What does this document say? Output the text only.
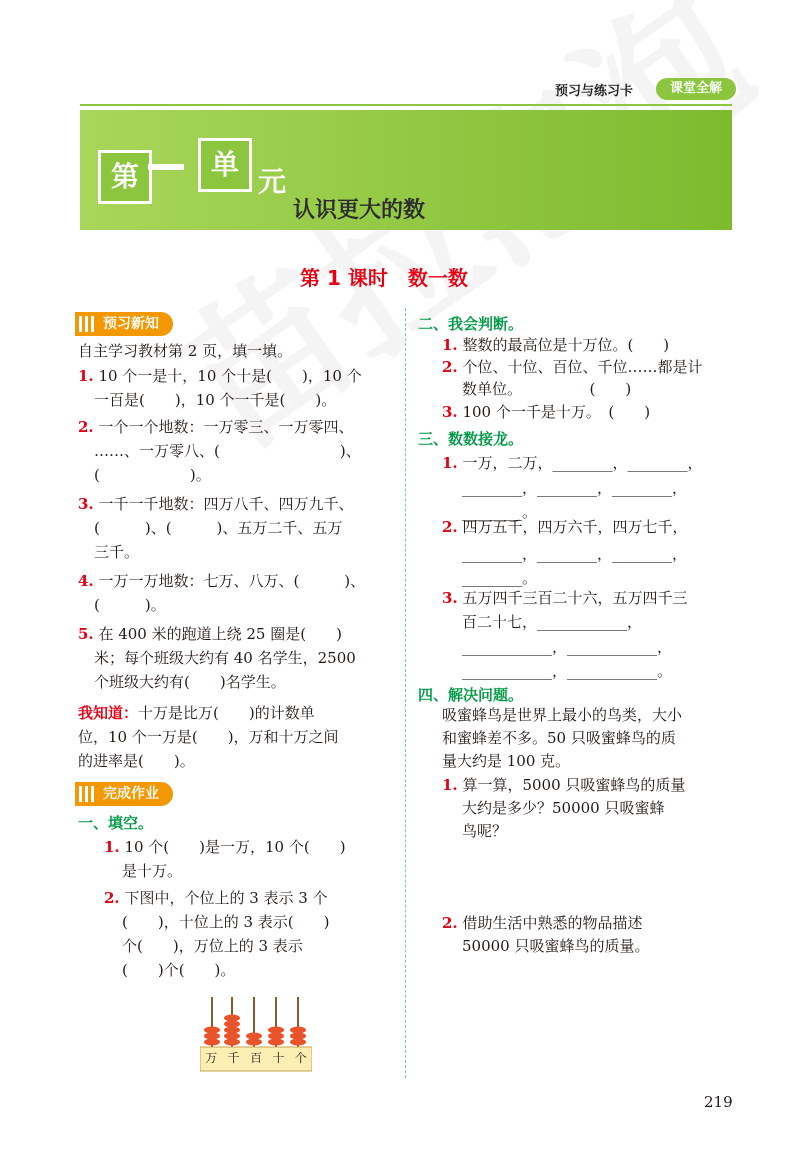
预习与练习卡	课堂全解
第	单
元
认识更大的数
第 1 课时　数一数
预习新知
自主学习教材第 2 页，填一填。
1. 10 个一是十，10 个十是(　　)，10 个
一百是(　　)，10 个一千是(　　)。
2. 一个一个地数：一万零三、一万零四、
……、一万零八、(　　　　　　　　)、
(　　　　　　)。
3. 一千一千地数：四万八千、四万九千、
(　　　)、(　　　)、五万二千、五万
三千。
4. 一万一万地数：七万、八万、(　　　)、
(　　　)。
5. 在 400 米的跑道上绕 25 圈是(　　)
米；每个班级大约有 40 名学生，2500
个班级大约有(　　)名学生。
我知道：十万是比万(　　)的计数单
位，10 个一万是(　　)，万和十万之间
的进率是(　　)。
完成作业
一、填空。
1. 10 个(　　)是一万，10 个(　　)
是十万。
2. 下图中，个位上的 3 表示 3 个
(　　)，十位上的 3 表示(　　)
个(　　)，万位上的 3 表示
(　　)个(　　)。
万 千 百 十 个
二、我会判断。
1. 整数的最高位是十万位。(　　)
2. 个位、十位、百位、千位……都是计
数单位。　　　　　(　　)
3. 100 个一千是十万。　(　　)
三、数数接龙。
1. 一万，二万，________，________，
________，________，________，
________。
2. 四万五千，四万六千，四万七千，
________，________，________，
________。
3. 五万四千三百二十六，五万四千三
百二十七，____________，
____________，____________，
____________，____________。
四、解决问题。
吸蜜蜂鸟是世界上最小的鸟类，大小
和蜜蜂差不多。50 只吸蜜蜂鸟的质
量大约是 100 克。
1. 算一算，5000 只吸蜜蜂鸟的质量
大约是多少？50000 只吸蜜蜂
鸟呢？
2. 借助生活中熟悉的物品描述
50000 只吸蜜蜂鸟的质量。
219
